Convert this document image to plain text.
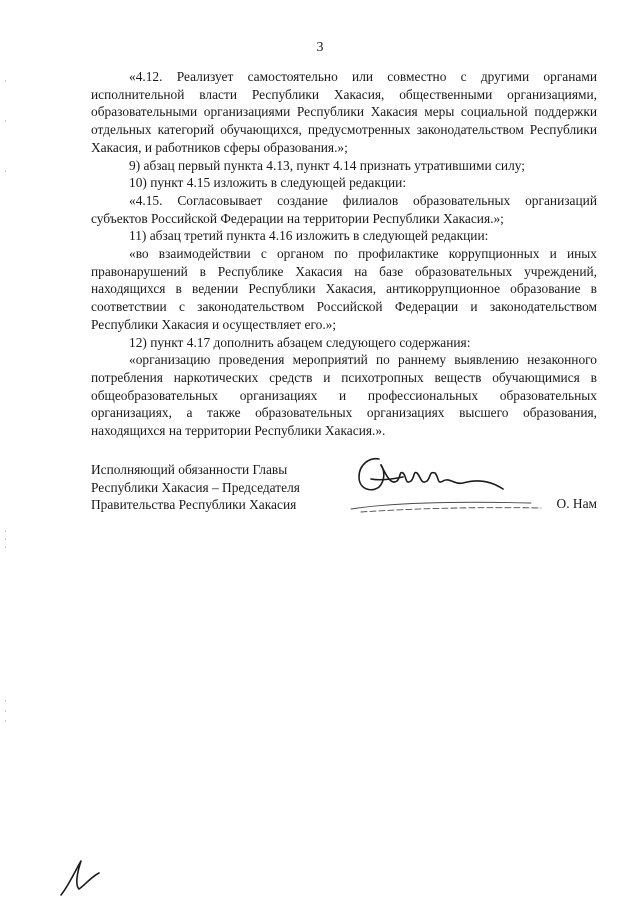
3

«4.12. Реализует самостоятельно или совместно с другими органами исполнительной власти Республики Хакасия, общественными организациями, образовательными организациями Республики Хакасия меры социальной поддержки отдельных категорий обучающихся, предусмотренных законодательством Республики Хакасия, и работников сферы образования.»;

9) абзац первый пункта 4.13, пункт 4.14 признать утратившими силу;

10) пункт 4.15 изложить в следующей редакции:

«4.15. Согласовывает создание филиалов образовательных организаций субъектов Российской Федерации на территории Республики Хакасия.»;

11) абзац третий пункта 4.16 изложить в следующей редакции:

«во взаимодействии с органом по профилактике коррупционных и иных правонарушений в Республике Хакасия на базе образовательных учреждений, находящихся в ведении Республики Хакасия, антикоррупционное образование в соответствии с законодательством Российской Федерации и законодательством Республики Хакасия и осуществляет его.»;

12) пункт 4.17 дополнить абзацем следующего содержания:

«организацию проведения мероприятий по раннему выявлению незаконного потребления наркотических средств и психотропных веществ обучающимися в общеобразовательных организациях и профессиональных образовательных организациях, а также образовательных организациях высшего образования, находящихся на территории Республики Хакасия.».

Исполняющий обязанности Главы
Республики Хакасия – Председателя
Правительства Республики Хакасия	О. Нам
